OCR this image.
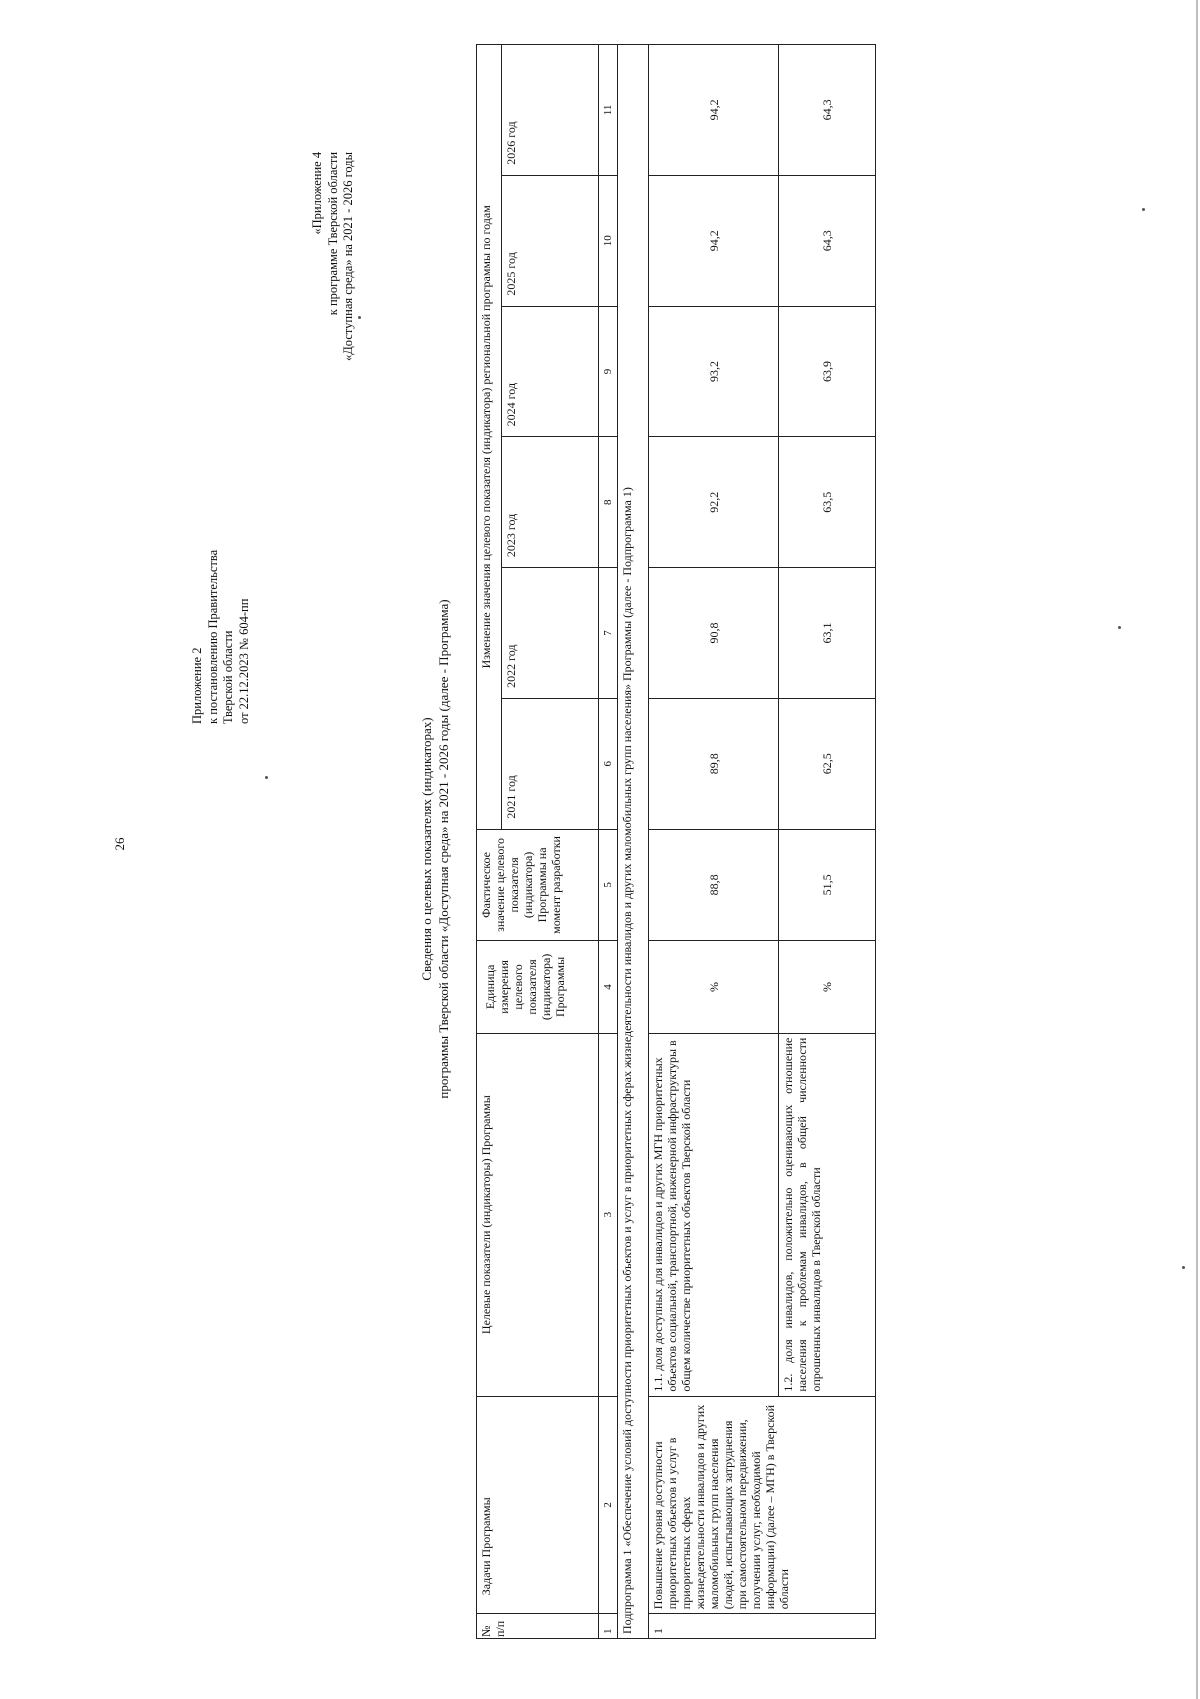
26
Приложение 2 к постановлению Правительства Тверской области от 22.12.2023 № 604-пп
«Приложение 4 к программе Тверской области «Доступная среда» на 2021 - 2026 годы
Сведения о целевых показателях (индикаторах) программы Тверской области «Доступная среда» на 2021 - 2026 годы (далее - Программа)
№ п/п	Задачи Программы	Целевые показатели (индикаторы) Программы	Единица измерения целевого показателя (индикатора) Программы	Фактическое значение целевого показателя (индикатора) Программы на момент разработки	Изменение значения целевого показателя (индикатора) региональной программы по годам					
					2021 год	2022 год	2023 год	2024 год	2025 год	2026 год
1	2	3	4	5	6	7	8	9	10	11
Подпрограмма 1 «Обеспечение условий доступности приоритетных объектов и услуг в приоритетных сферах жизнедеятельности инвалидов и других маломобильных групп населения» Программы (далее - Подпрограмма 1)										
1	Повышение уровня доступности приоритетных объектов и услуг в приоритетных сферах жизнедеятельности инвалидов и других маломобильных групп населения (людей, испытывающих затруднения при самостоятельном передвижении, получении услуг, необходимой информации) (далее – МГН) в Тверской области	1.1. доля доступных для инвалидов и других МГН приоритетных объектов социальной, транспортной, инженерной инфраструктуры в общем количестве приоритетных объектов Тверской области	%	88,8	89,8	90,8	92,2	93,2	94,2	94,2
		1.2. доля инвалидов, положительно оценивающих отношение населения к проблемам инвалидов, в общей численности опрошенных инвалидов в Тверской области	%	51,5	62,5	63,1	63,5	63,9	64,3	64,3
